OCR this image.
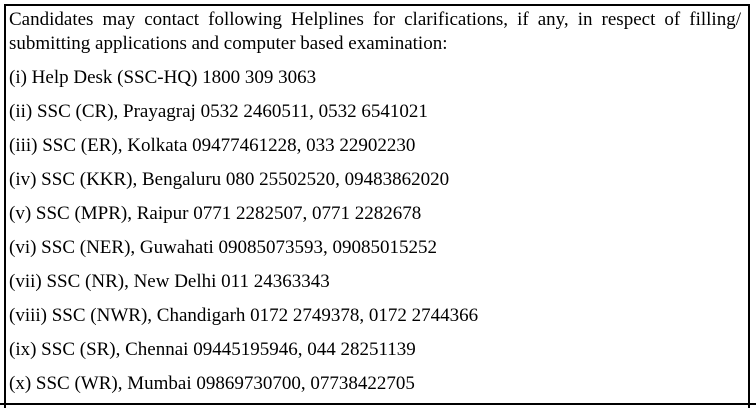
Candidates may contact following Helplines for clarifications, if any, in respect of filling/ submitting applications and computer based examination:
(i) Help Desk (SSC-HQ) 1800 309 3063
(ii) SSC (CR), Prayagraj 0532 2460511, 0532 6541021
(iii) SSC (ER), Kolkata 09477461228, 033 22902230
(iv) SSC (KKR), Bengaluru 080 25502520, 09483862020
(v) SSC (MPR), Raipur 0771 2282507, 0771 2282678
(vi) SSC (NER), Guwahati 09085073593, 09085015252
(vii) SSC (NR), New Delhi 011 24363343
(viii) SSC (NWR), Chandigarh 0172 2749378, 0172 2744366
(ix) SSC (SR), Chennai 09445195946, 044 28251139
(x) SSC (WR), Mumbai 09869730700, 07738422705
